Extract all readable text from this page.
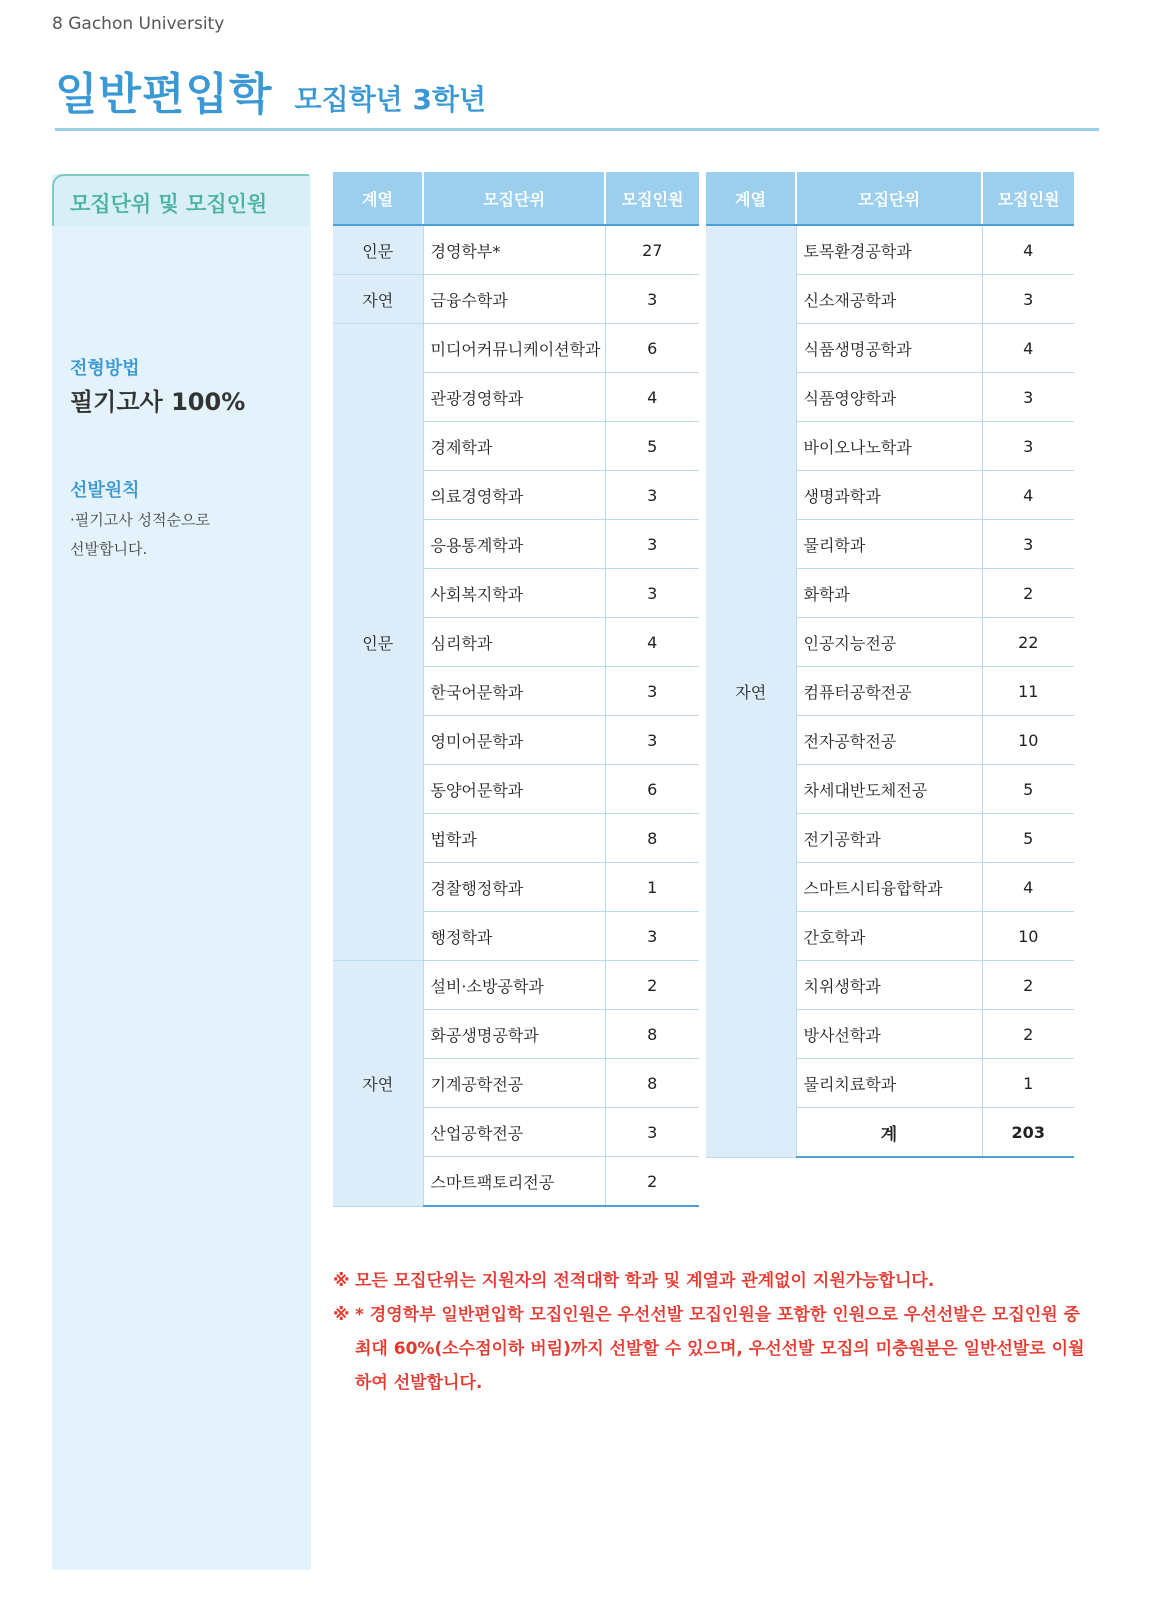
8 Gachon University
일반편입학 모집학년 3학년
모집단위 및 모집인원
전형방법
필기고사 100%
선발원칙
·필기고사 성적순으로
선발합니다.
계열	모집단위	모집인원
인문	경영학부*	27
자연	금융수학과	3
인문	미디어커뮤니케이션학과	6
	관광경영학과	4
	경제학과	5
	의료경영학과	3
	응용통계학과	3
	사회복지학과	3
	심리학과	4
	한국어문학과	3
	영미어문학과	3
	동양어문학과	6
	법학과	8
	경찰행정학과	1
	행정학과	3
자연	설비·소방공학과	2
	화공생명공학과	8
	기계공학전공	8
	산업공학전공	3
	스마트팩토리전공	2
계열	모집단위	모집인원
자연	토목환경공학과	4
	신소재공학과	3
	식품생명공학과	4
	식품영양학과	3
	바이오나노학과	3
	생명과학과	4
	물리학과	3
	화학과	2
	인공지능전공	22
	컴퓨터공학전공	11
	전자공학전공	10
	차세대반도체전공	5
	전기공학과	5
	스마트시티융합학과	4
	간호학과	10
	치위생학과	2
	방사선학과	2
	물리치료학과	1
	계	203
※ 모든 모집단위는 지원자의 전적대학 학과 및 계열과 관계없이 지원가능합니다.
※ * 경영학부 일반편입학 모집인원은 우선선발 모집인원을 포함한 인원으로 우선선발은 모집인원 중 최대 60%(소수점이하 버림)까지 선발할 수 있으며, 우선선발 모집의 미충원분은 일반선발로 이월하여 선발합니다.
